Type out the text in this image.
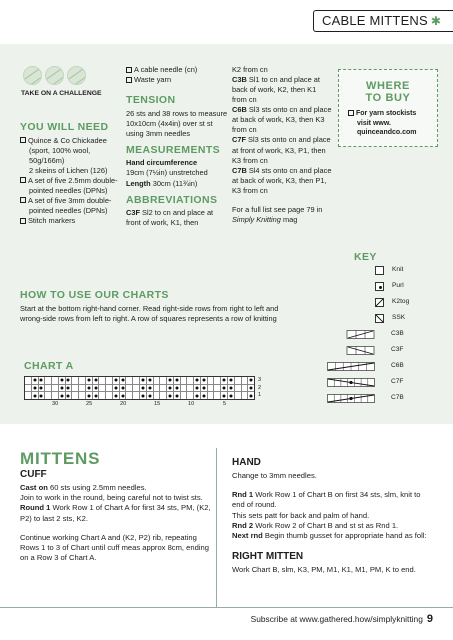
CABLE MITTENS ✱
TAKE ON A CHALLENGE
YOU WILL NEED

Quince & Co Chickadee (sport, 100% wool, 50g/166m)

2 skeins of Lichen (126)

A set of five 2.5mm double-pointed needles (DPNs)

A set of five 3mm double-pointed needles (DPNs)

Stitch markers

A cable needle (cn)

Waste yarn

TENSION

26 sts and 38 rows to measure 10x10cm (4x4in) over st st using 3mm needles

MEASUREMENTS

Hand circumference

19cm (7½in) unstretched

Length 30cm (11¾in)

ABBREVIATIONS

C3F Sl2 to cn and place at front of work, K1, then

K2 from cn

C3B Sl1 to cn and place at back of work, K2, then K1 from cn

C6B Sl3 sts onto cn and place at back of work, K3, then K3 from cn

C7F Sl3 sts onto cn and place at front of work, K3, P1, then K3 from cn

C7B Sl4 sts onto cn and place at back of work, K3, then P1, K3 from cn

For a full list see page 79 in Simply Knitting mag

WHERE
TO BUY

For yarn stockists visit www. quinceandco.com

KEY
Knit
Purl
K2tog
SSK
C3B
C3F
C6B
C7F
C7B
HOW TO USE OUR CHARTS

Start at the bottom right-hand corner. Read right-side rows from right to left and wrong-side rows from left to right. A row of squares represents a row of knitting

CHART A
3
2
1
30	25	20	15	10	5
MITTENS
CUFF

Cast on 60 sts using 2.5mm needles.

Join to work in the round, being careful not to twist sts.

Round 1 Work Row 1 of Chart A for first 34 sts, PM, (K2, P2) to last 2 sts, K2.

Continue working Chart A and (K2, P2) rib, repeating Rows 1 to 3 of Chart until cuff meas approx 8cm, ending on a Row 3 of Chart A.

HAND

Change to 3mm needles.

Rnd 1 Work Row 1 of Chart B on first 34 sts, slm, knit to end of round.

This sets patt for back and palm of hand.

Rnd 2 Work Row 2 of Chart B and st st as Rnd 1.

Next rnd Begin thumb gusset for appropriate hand as foll:

RIGHT MITTEN

Work Chart B, slm, K3, PM, M1, K1, M1, PM, K to end.

Subscribe at www.gathered.how/simplyknitting 9
